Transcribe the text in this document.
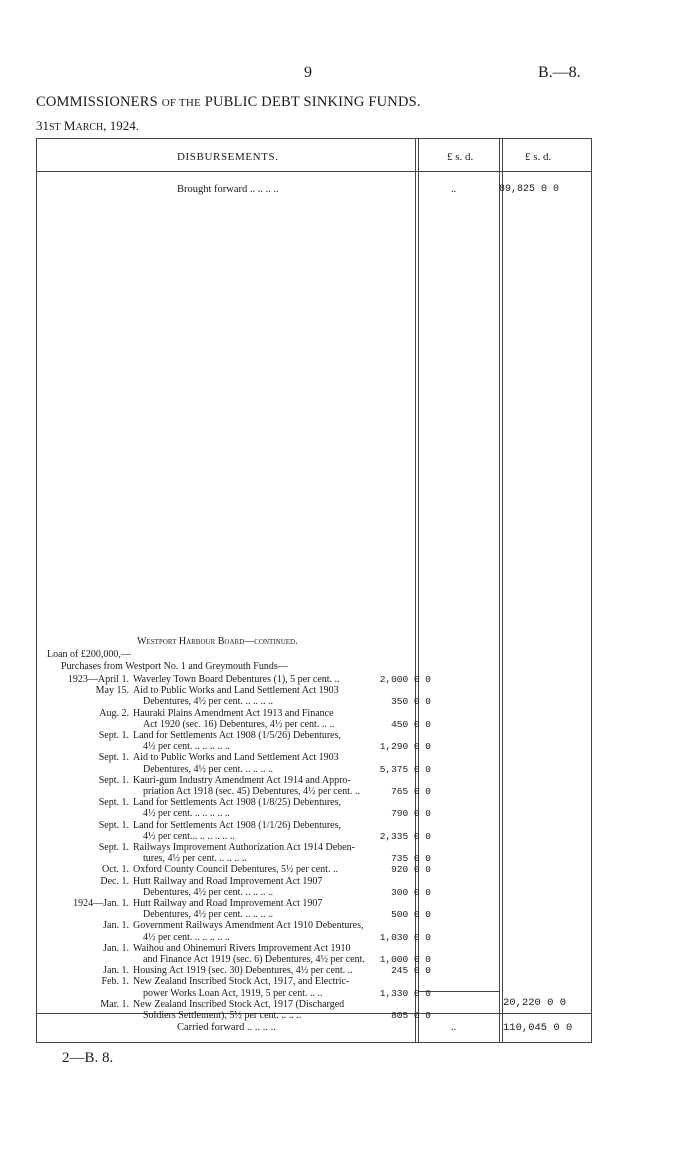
9	B.—8.
COMMISSIONERS OF THE PUBLIC DEBT SINKING FUNDS.
31ST MARCH, 1924.
DISBURSEMENTS.	£ s. d.	£ s. d.
Brought forward .. .. .. ..	..	89,825 0 0
Westport Harbour Board—continued.
Loan of £200,000,—
Purchases from Westport No. 1 and Greymouth Funds—
1923—April 1. Waverley Town Board Debentures (1), 5 per cent. ..	2,000 0 0
May 15. Aid to Public Works and Land Settlement Act 1903
Debentures, 4½ per cent. .. .. .. ..	350 0 0
Aug. 2. Hauraki Plains Amendment Act 1913 and Finance
Act 1920 (sec. 16) Debentures, 4½ per cent. .. ..	450 0 0
Sept. 1. Land for Settlements Act 1908 (1/5/26) Debentures,
4½ per cent. .. .. .. .. ..	1,290 0 0
Sept. 1. Aid to Public Works and Land Settlement Act 1903
Debentures, 4½ per cent. .. .. .. ..	5,375 0 0
Sept. 1. Kauri-gum Industry Amendment Act 1914 and Appro-
priation Act 1918 (sec. 45) Debentures, 4½ per cent. ..	765 0 0
Sept. 1. Land for Settlements Act 1908 (1/8/25) Debentures,
4½ per cent. .. .. .. .. ..	790 0 0
Sept. 1. Land for Settlements Act 1908 (1/1/26) Debentures,
4½ per cent... .. .. .. .. ..	2,335 0 0
Sept. 1. Railways Improvement Authorization Act 1914 Deben-
tures, 4½ per cent. .. .. .. ..	735 0 0
Oct. 1. Oxford County Council Debentures, 5½ per cent. ..	920 0 0
Dec. 1. Hutt Railway and Road Improvement Act 1907
Debentures, 4½ per cent. .. .. .. ..	300 0 0
1924—Jan. 1. Hutt Railway and Road Improvement Act 1907
Debentures, 4½ per cent. .. .. .. ..	500 0 0
Jan. 1. Government Railways Amendment Act 1910 Debentures,
4½ per cent. .. .. .. .. ..	1,030 0 0
Jan. 1. Waihou and Ohinemuri Rivers Improvement Act 1910
and Finance Act 1919 (sec. 6) Debentures, 4½ per cent.	1,000 0 0
Jan. 1. Housing Act 1919 (sec. 30) Debentures, 4½ per cent. ..	245 0 0
Feb. 1. New Zealand Inscribed Stock Act, 1917, and Electric-
power Works Loan Act, 1919, 5 per cent. .. ..	1,330 0 0
Mar. 1. New Zealand Inscribed Stock Act, 1917 (Discharged
Soldiers Settlement), 5½ per cent. .. .. ..	805 0 0
20,220 0 0
Carried forward .. .. .. ..	..	110,045 0 0
2—B. 8.
